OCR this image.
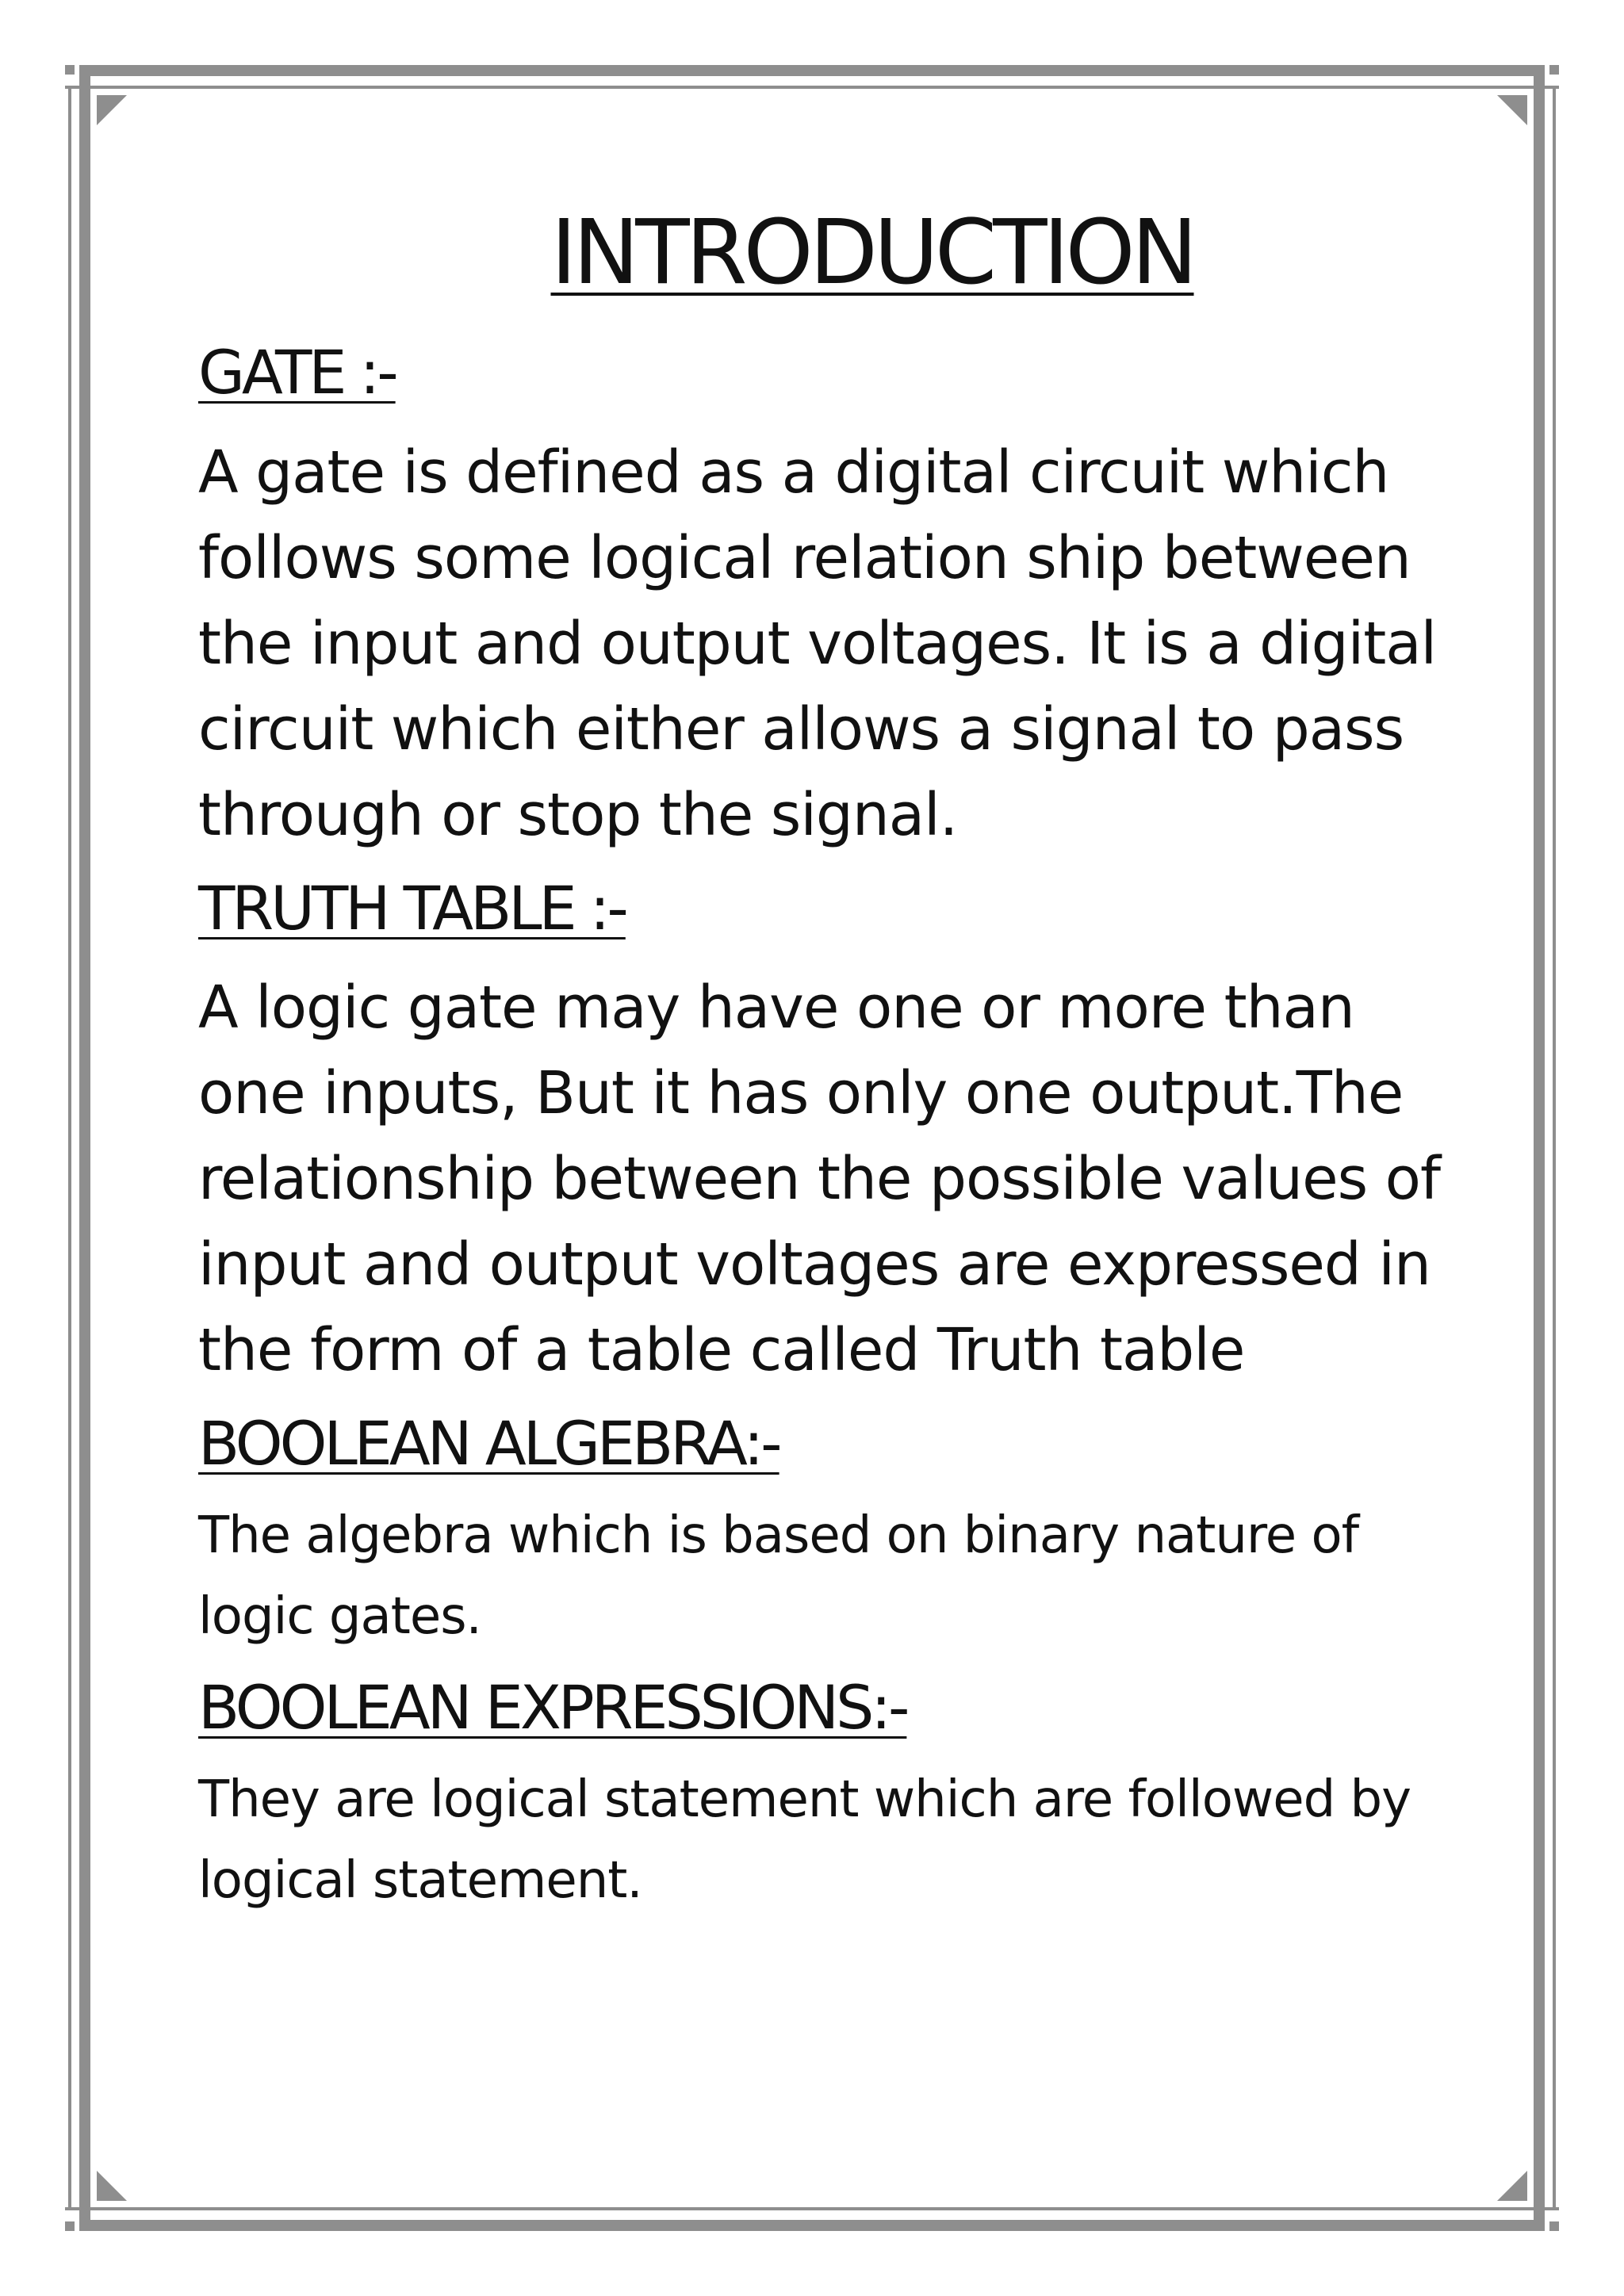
INTRODUCTION
GATE :-

A gate is defined as a digital circuit which follows some logical relation ship between the input and output voltages. It is a digital circuit which either allows a signal to pass through or stop the signal.

TRUTH TABLE :-

A logic gate may have one or more than one inputs, But it has only one output.The relationship between the possible values of input and output voltages are expressed in the form of a table called Truth table

BOOLEAN ALGEBRA:-

The algebra which is based on binary nature of logic gates.

BOOLEAN EXPRESSIONS:-

They are logical statement which are followed by logical statement.
